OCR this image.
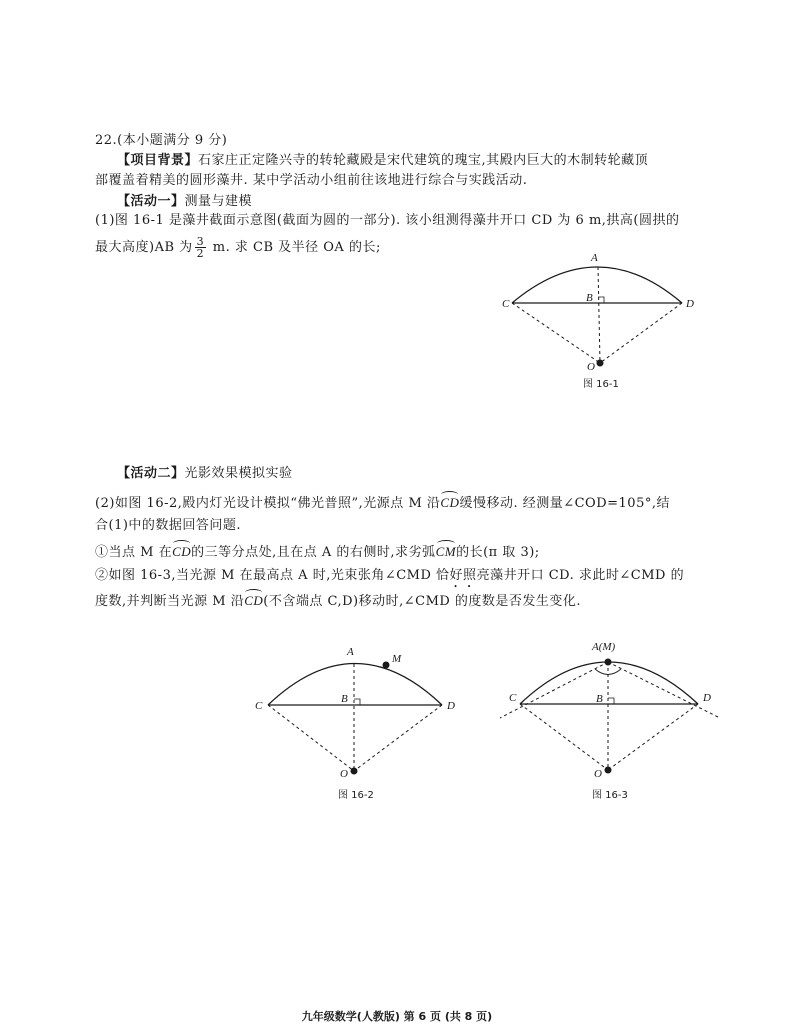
22.(本小题满分 9 分)
【项目背景】石家庄正定隆兴寺的转轮藏殿是宋代建筑的瑰宝,其殿内巨大的木制转轮藏顶
部覆盖着精美的圆形藻井. 某中学活动小组前往该地进行综合与实践活动.
【活动一】测量与建模
(1)图 16-1 是藻井截面示意图(截面为圆的一部分). 该小组测得藻井开口 CD 为 6 m,拱高(圆拱的
最大高度)AB 为 $\frac{3}{2} m$. 求 CB 及半径 OA 的长;
A
B
C	D
O
图 16-1
【活动二】光影效果模拟实验
(2)如图 16-2,殿内灯光设计模拟“佛光普照”,光源点 M 沿CD缓慢移动. 经测量∠COD=105°,结
合(1)中的数据回答问题.
①当点 M 在CD的三等分点处,且在点 A 的右侧时,求劣弧CM的长(π 取 3);
②如图 16-3,当光源 M 在最高点 A 时,光束张角∠CMD 恰好照亮藻井开口 CD. 求此时∠CMD 的
度数,并判断当光源 M 沿CD(不含端点 C,D)移动时,∠CMD 的度数是否发生变化.
A
M
B
C	D
O
图 16-2
A(M)
B
C	D
O
图 16-3
九年级数学(人教版) 第 6 页 (共 8 页)
